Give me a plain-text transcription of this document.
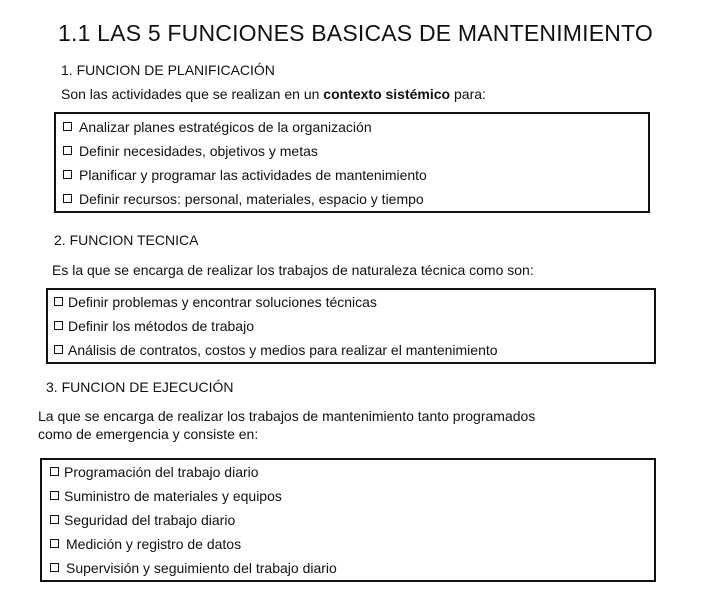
1.1 LAS 5 FUNCIONES BASICAS DE MANTENIMIENTO
1. FUNCION DE PLANIFICACIÓN
Son las actividades que se realizan en un contexto sistémico para:
Analizar planes estratégicos de la organización
Definir necesidades, objetivos y metas
Planificar y programar las actividades de mantenimiento
Definir recursos: personal, materiales, espacio y tiempo
2. FUNCION TECNICA
Es la que se encarga de realizar los trabajos de naturaleza técnica como son:
Definir problemas y encontrar soluciones técnicas
Definir los métodos de trabajo
Análisis de contratos, costos y medios para realizar el mantenimiento
3. FUNCION DE EJECUCIÓN
La que se encarga de realizar los trabajos de mantenimiento tanto programados
como de emergencia y consiste en:
Programación del trabajo diario
Suministro de materiales y equipos
Seguridad del trabajo diario
Medición y registro de datos
Supervisión y seguimiento del trabajo diario
